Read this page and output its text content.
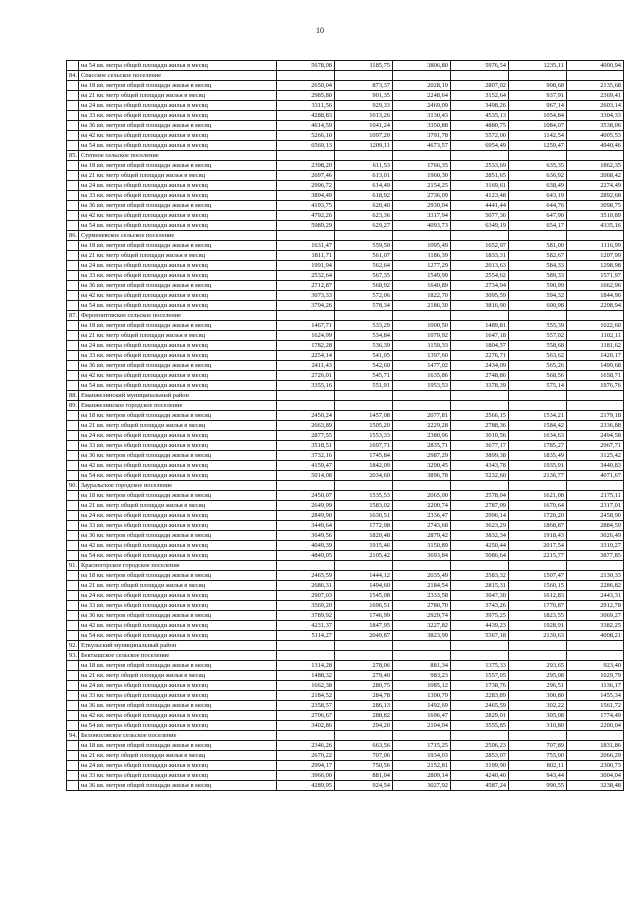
10
	на 54 кв. метра общей площади жилья в месяц	5678,08	1185,75	3806,80	5976,54	1235,11	4000,94
84.	Спасское сельское поселение						
	на 18 кв. метров общей площади жилья в месяц	2650,04	873,37	2028,19	2807,02	908,68	2135,68
	на 21 кв. метр общей площади жилья в месяц	2985,80	901,35	2248,64	3152,64	937,91	2369,41
	на 24 кв. метра общей площади жилья в месяц	3311,56	929,33	2469,09	3498,26	967,14	2603,14
	на 33 кв. метра общей площади жилья в месяц	4288,83	1013,26	3130,43	4535,13	1054,84	3304,33
	на 36 кв. метров общей площади жилья в месяц	4614,59	1041,24	3350,88	4880,75	1084,07	3538,06
	на 42 кв. метра общей площади жилья в месяц	5266,10	1097,20	3791,78	5572,00	1142,54	4005,53
	на 54 кв. метра общей площади жилья в месяц	6569,13	1209,11	4673,57	6954,49	1259,47	4940,46
85.	Степное сельское поселение						
	на 18 кв. метров общей площади жилья в месяц	2398,20	611,53	1766,35	2533,69	635,35	1862,35
	на 21 кв. метр общей площади жилья в месяц	2697,46	613,01	1960,30	2851,65	636,92	2068,42
	на 24 кв. метра общей площади жилья в месяц	2996,72	614,49	2154,25	3169,61	638,49	2274,49
	на 33 кв. метра общей площади жилья в месяц	3894,49	618,92	2736,09	4123,48	643,19	2892,68
	на 36 кв. метров общей площади жилья в месяц	4193,75	620,40	2930,04	4441,44	644,76	3098,75
	на 42 кв. метра общей площади жилья в месяц	4792,26	623,36	3317,94	5077,36	647,90	3510,89
	на 54 кв. метра общей площади жилья в месяц	5989,29	629,27	4093,73	6349,19	654,17	4335,16
86.	Сурменевское сельское поселение						
	на 18 кв. метров общей площади жилья в месяц	1631,47	559,50	1095,49	1652,97	581,00	1116,99
	на 21 кв. метр общей площади жилья в месяц	1811,71	561,07	1186,39	1833,31	582,67	1207,99
	на 24 кв. метра общей площади жилья в месяц	1991,94	562,64	1277,29	2013,63	584,33	1298,98
	на 33 кв. метра общей площади жилья в месяц	2532,64	567,35	1549,99	2554,62	589,33	1571,97
	на 36 кв. метров общей площади жилья в месяц	2712,87	568,92	1640,89	2734,94	590,99	1662,96
	на 42 кв. метра общей площади жилья в месяц	3073,33	572,06	1822,70	3095,59	594,32	1844,96
	на 54 кв. метра общей площади жилья в месяц	3794,26	578,34	2186,30	3816,90	600,98	2208,94
87.	Феропонтовское сельское поселение						
	на 18 кв. метров общей площади жилья в месяц	1467,71	533,29	1000,50	1489,81	555,39	1022,60
	на 21 кв. метр общей площади жилья в месяц	1624,99	534,84	1079,92	1647,18	557,02	1102,11
	на 24 кв. метра общей площади жилья в месяц	1782,28	536,39	1159,33	1804,57	558,68	1181,62
	на 33 кв. метра общей площади жилья в месяц	2254,14	541,05	1397,60	2276,71	563,62	1420,17
	на 36 кв. метров общей площади жилья в месяц	2411,43	542,60	1477,02	2434,09	565,26	1499,68
	на 42 кв. метра общей площади жилья в месяц	2726,01	545,71	1635,86	2748,86	568,56	1658,71
	на 54 кв. метра общей площади жилья в месяц	3355,16	551,91	1953,53	3378,39	575,14	1976,76
88.	Еманжелинский муниципальный район						
89.	Еманжелинское городское поселение						
	на 18 кв. метров общей площади жилья в месяц	2450,24	1457,08	2077,81	2566,15	1534,21	2179,18
	на 21 кв. метр общей площади жилья в месяц	2663,89	1505,20	2229,28	2788,36	1584,42	2336,88
	на 24 кв. метра общей площади жилья в месяц	2877,55	1553,33	2380,96	3010,56	1634,63	2494,58
	на 33 кв. метра общей площади жилья в месяц	3518,51	1697,71	2835,71	3677,17	1785,27	2967,71
	на 36 кв. метров общей площади жилья в месяц	3732,16	1745,84	2987,29	3899,38	1835,49	3125,42
	на 42 кв. метра общей площади жилья в месяц	4159,47	1842,09	3290,45	4343,78	1935,91	3440,83
	на 54 кв. метра общей площади жилья в месяц	5014,08	2034,60	3896,78	5232,60	2136,77	4071,67
90.	Зауральское городское поселение						
	на 18 кв. метров общей площади жилья в месяц	2450,07	1535,53	2065,00	2578,04	1621,08	2175,11
	на 21 кв. метр общей площади жилья в месяц	2649,99	1583,02	2200,74	2787,09	1670,64	2317,01
	на 24 кв. метра общей площади жилья в месяц	2849,90	1630,51	2336,47	2996,14	1720,20	2458,90
	на 33 кв. метра общей площади жилья в месяц	3449,64	1772,98	2743,68	3623,29	1868,87	2884,59
	на 36 кв. метров общей площади жилья в месяц	3649,56	1820,48	2879,42	3832,34	1918,43	3026,49
	на 42 кв. метра общей площади жилья в месяц	4049,39	1915,46	3150,89	4250,44	2017,54	3310,27
	на 54 кв. метра общей площади жилья в месяц	4849,05	2105,42	3693,84	5086,64	2215,77	3877,85
91.	Красногорское городское поселение						
	на 18 кв. метров общей площади жилья в месяц	2465,59	1444,12	2035,49	2583,32	1507,47	2130,33
	на 21 кв. метр общей площади жилья в месяц	2686,31	1494,60	2184,54	2815,31	1560,15	2286,82
	на 24 кв. метра общей площади жилья в месяц	2907,03	1545,08	2333,58	3047,30	1612,83	2443,31
	на 33 кв. метра общей площади жилья в месяц	3569,20	1696,51	2780,70	3743,26	1770,87	2912,78
	на 36 кв. метров общей площади жилья в месяц	3789,92	1746,99	2929,74	3975,25	1823,55	3069,27
	на 42 кв. метра общей площади жилья в месяц	4231,37	1847,95	3227,82	4439,23	1928,91	3382,25
	на 54 кв. метра общей площади жилья в месяц	5114,27	2049,87	3823,99	5367,18	2139,63	4008,21
92.	Еткульский муниципальный район						
93.	Бектышское сельское поселение						
	на 18 кв. метров общей площади жилья в месяц	1314,28	278,06	881,34	1375,33	293,65	923,40
	на 21 кв. метр общей площади жилья в месяц	1488,32	279,40	983,23	1557,05	295,08	1029,79
	на 24 кв. метра общей площади жилья в месяц	1662,38	280,75	1085,12	1738,76	296,51	1136,17
	на 33 кв. метра общей площади жилья в месяц	2184,52	284,78	1390,79	2283,89	300,80	1455,34
	на 36 кв. метров общей площади жилья в месяц	2358,57	286,13	1492,69	2465,59	302,22	1561,72
	на 42 кв. метра общей площади жилья в месяц	2706,67	288,82	1696,47	2829,01	305,08	1774,49
	на 54 кв. метра общей площади жилья в месяц	3402,86	294,20	2104,04	3555,85	310,80	2200,04
94.	Белоносовское сельское поселение						
	на 18 кв. метров общей площади жилья в месяц	2346,26	663,56	1715,25	2506,23	707,89	1831,86
	на 21 кв. метр общей площади жилья в месяц	2670,22	707,06	1934,03	2853,07	755,00	2066,29
	на 24 кв. метра общей площади жилья в месяц	2994,17	750,56	2152,81	3199,90	802,11	2300,73
	на 33 кв. метра общей площади жилья в месяц	3966,00	881,04	2809,14	4240,40	943,44	3004,04
	на 36 кв. метров общей площади жилья в месяц	4289,95	924,54	3027,92	4587,24	990,55	3238,48
